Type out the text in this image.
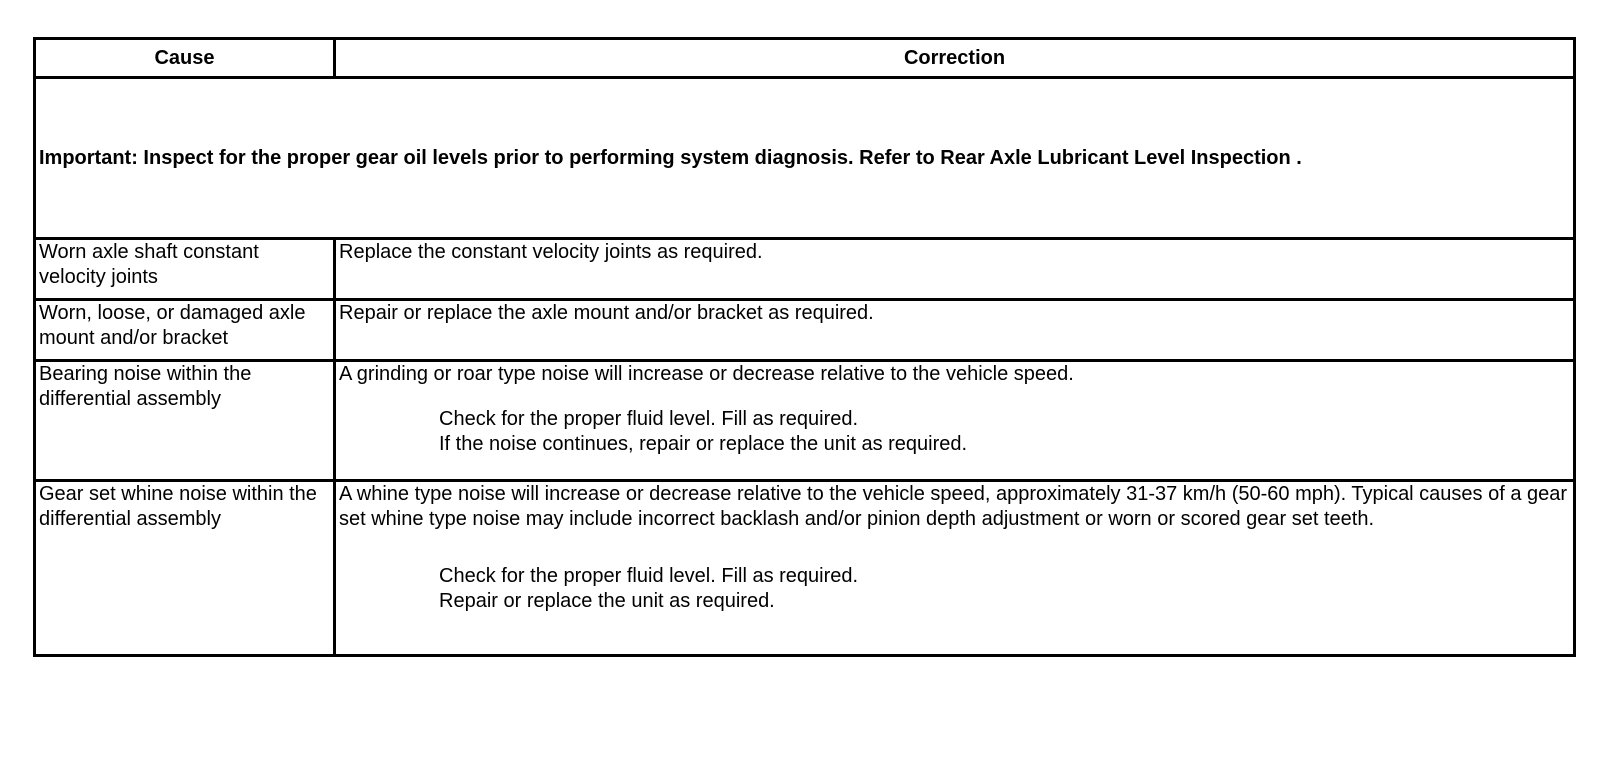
Cause	Correction
Important: Inspect for the proper gear oil levels prior to performing system diagnosis. Refer to Rear Axle Lubricant Level Inspection .	
Worn axle shaft constant velocity joints	Replace the constant velocity joints as required.
Worn, loose, or damaged axle mount and/or bracket	Repair or replace the axle mount and/or bracket as required.
Bearing noise within the differential assembly	A grinding or roar type noise will increase or decrease relative to the vehicle speed.
Check for the proper fluid level. Fill as required.
If the noise continues, repair or replace the unit as required.

Gear set whine noise within the differential assembly	A whine type noise will increase or decrease relative to the vehicle speed, approximately 31-37 km/h (50-60 mph). Typical causes of a gear set whine type noise may include incorrect backlash and/or pinion depth adjustment or worn or scored gear set teeth.
Check for the proper fluid level. Fill as required.
Repair or replace the unit as required.
